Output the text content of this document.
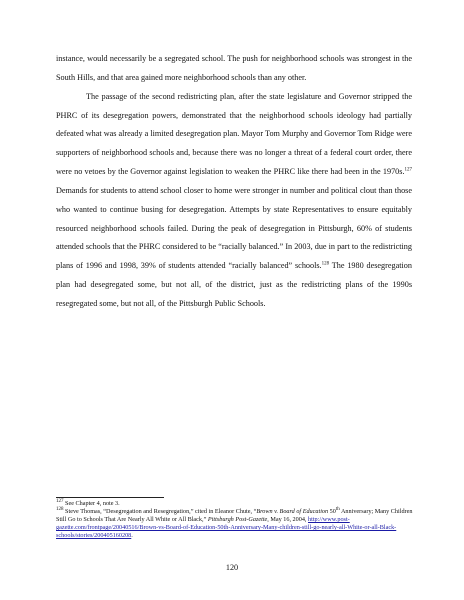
instance, would necessarily be a segregated school. The push for neighborhood schools was strongest in the South Hills, and that area gained more neighborhood schools than any other.

The passage of the second redistricting plan, after the state legislature and Governor stripped the PHRC of its desegregation powers, demonstrated that the neighborhood schools ideology had partially defeated what was already a limited desegregation plan. Mayor Tom Murphy and Governor Tom Ridge were supporters of neighborhood schools and, because there was no longer a threat of a federal court order, there were no vetoes by the Governor against legislation to weaken the PHRC like there had been in the 1970s.$^{127}$ Demands for students to attend school closer to home were stronger in number and political clout than those who wanted to continue busing for desegregation. Attempts by state Representatives to ensure equitably resourced neighborhood schools failed. During the peak of desegregation in Pittsburgh, 60% of students attended schools that the PHRC considered to be “racially balanced.” In 2003, due in part to the redistricting plans of 1996 and 1998, 39% of students attended “racially balanced” schools.$^{128}$ The 1980 desegregation plan had desegregated some, but not all, of the district, just as the redistricting plans of the 1990s resegregated some, but not all, of the Pittsburgh Public Schools.

$^{127}$ See Chapter 4, note 3.
$^{128}$ Steve Thomas, “Desegregation and Resegregation,” cited in Eleanor Chute, “Brown v. Board of Education 50th Anniversary; Many Children Still Go to Schools That Are Nearly All White or All Black,” Pittsburgh Post-Gazette, May 16, 2004, http://www.post-gazette.com/frontpage/20040516/Brown-vs-Board-of-Education-50th-Anniversary-Many-children-still-go-nearly-all-White-or-all-Black-schools/stories/200405160208.
120
